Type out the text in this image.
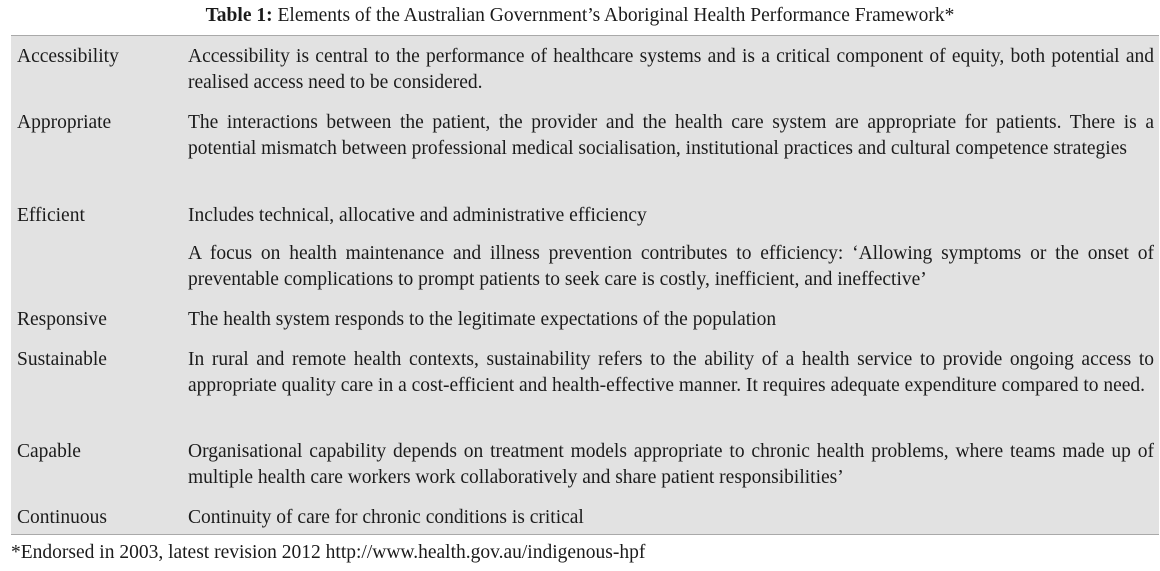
Table 1: Elements of the Australian Government’s Aboriginal Health Performance Framework*
Accessibility	Accessibility is central to the performance of healthcare systems and is a critical component of equity, both potential and realised access need to be considered.
Appropriate	The interactions between the patient, the provider and the health care system are appropriate for patients. There is a potential mismatch between professional medical socialisation, institutional practices and cultural competence strategies
Efficient	Includes technical, allocative and administrative efficiency
A focus on health maintenance and illness prevention contributes to efficiency: ‘Allowing symptoms or the onset of preventable complications to prompt patients to seek care is costly, inefficient, and ineffective’
Responsive	The health system responds to the legitimate expectations of the population
Sustainable	In rural and remote health contexts, sustainability refers to the ability of a health service to provide ongoing access to appropriate quality care in a cost-efficient and health-effective manner. It requires adequate expenditure compared to need.
Capable	Organisational capability depends on treatment models appropriate to chronic health problems, where teams made up of multiple health care workers work collaboratively and share patient responsibilities’
Continuous	Continuity of care for chronic conditions is critical
*Endorsed in 2003, latest revision 2012 http://www.health.gov.au/indigenous-hpf
